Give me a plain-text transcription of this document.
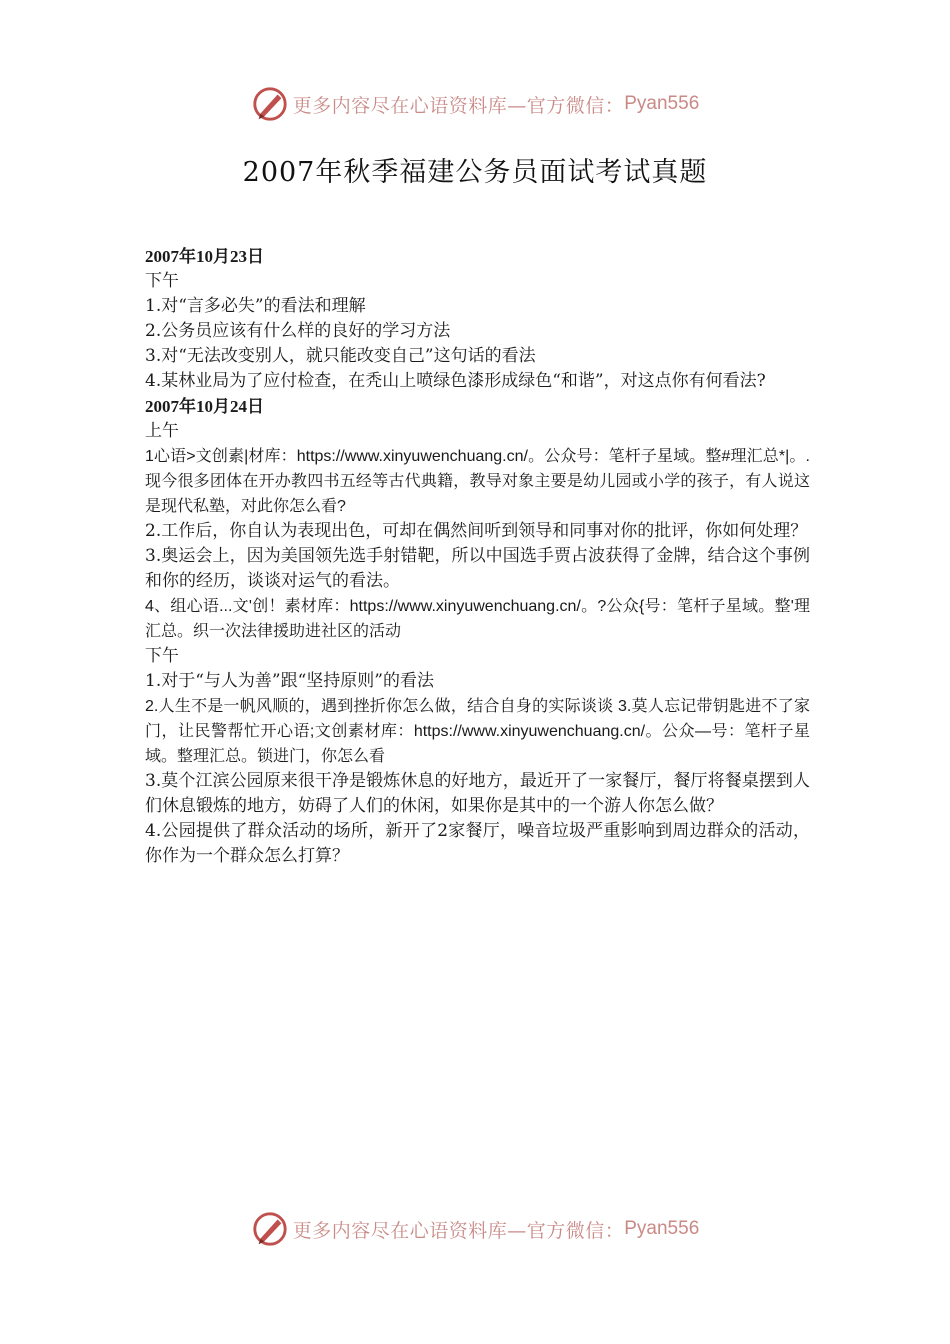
更多内容尽在心语资料库—官方微信： Pyan556
2007年秋季福建公务员面试考试真题
2007年10月23日
下午
1.对“言多必失”的看法和理解
2.公务员应该有什么样的良好的学习方法
3.对“无法改变别人，就只能改变自己”这句话的看法
4.某林业局为了应付检查，在秃山上喷绿色漆形成绿色“和谐”，对这点你有何看法?
2007年10月24日
上午
1心语>文创素|材库：https://www.xinyuwenchuang.cn/。公众号：笔杆子星域。整#理汇总*|。.现今很多团体在开办教四书五经等古代典籍，教导对象主要是幼儿园或小学的孩子，有人说这是现代私塾，对此你怎么看?
2.工作后，你自认为表现出色，可却在偶然间听到领导和同事对你的批评，你如何处理？
3.奥运会上，因为美国领先选手射错靶，所以中国选手贾占波获得了金牌，结合这个事例和你的经历，谈谈对运气的看法。
4、组心语...文'创！素材库：https://www.xinyuwenchuang.cn/。?公众{号：笔杆子星域。整'理汇总。织一次法律援助进社区的活动
下午
1.对于“与人为善”跟“坚持原则”的看法
2.人生不是一帆风顺的，遇到挫折你怎么做，结合自身的实际谈谈 3.莫人忘记带钥匙进不了家门，让民警帮忙开心语;文创素材库：https://www.xinyuwenchuang.cn/。公众—号：笔杆子星域。整理汇总。锁进门，你怎么看
3.莫个江滨公园原来很干净是锻炼休息的好地方，最近开了一家餐厅，餐厅将餐桌摆到人们休息锻炼的地方，妨碍了人们的休闲，如果你是其中的一个游人你怎么做？
4.公园提供了群众活动的场所，新开了2家餐厅，噪音垃圾严重影响到周边群众的活动，你作为一个群众怎么打算？
更多内容尽在心语资料库—官方微信： Pyan556
